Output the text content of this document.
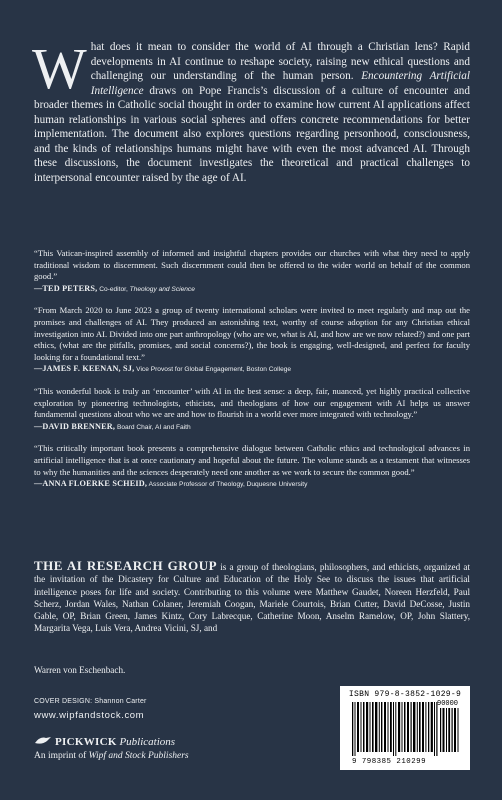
W hat does it mean to consider the world of AI through a Christian lens? Rapid developments in AI continue to reshape society, raising new ethical questions and challenging our understanding of the human person. Encountering Artificial Intelligence draws on Pope Francis’s discussion of a culture of encounter and broader themes in Catholic social thought in order to examine how current AI applications affect human relationships in various social spheres and offers concrete recommendations for better implementation. The document also explores questions regarding personhood, consciousness, and the kinds of relationships humans might have with even the most advanced AI. Through these discussions, the document investigates the theoretical and practical challenges to interpersonal encounter raised by the age of AI.
“This Vatican-inspired assembly of informed and insightful chapters provides our churches with what they need to apply traditional wisdom to discernment. Such discernment could then be offered to the wider world on behalf of the common good.”
—TED PETERS, Co-editor, Theology and Science
“From March 2020 to June 2023 a group of twenty international scholars were invited to meet regularly and map out the promises and challenges of AI. They produced an astonishing text, worthy of course adoption for any Christian ethical investigation into AI. Divided into one part anthropology (who are we, what is AI, and how are we now related?) and one part ethics, (what are the pitfalls, promises, and social concerns?), the book is engaging, well-designed, and perfect for faculty looking for a foundational text.”
—JAMES F. KEENAN, SJ, Vice Provost for Global Engagement, Boston College
“This wonderful book is truly an ‘encounter’ with AI in the best sense: a deep, fair, nuanced, yet highly practical collective exploration by pioneering technologists, ethicists, and theologians of how our engagement with AI helps us answer fundamental questions about who we are and how to flourish in a world ever more integrated with technology.”
—DAVID BRENNER, Board Chair, AI and Faith
“This critically important book presents a comprehensive dialogue between Catholic ethics and technological advances in artificial intelligence that is at once cautionary and hopeful about the future. The volume stands as a testament that witnesses to why the humanities and the sciences desperately need one another as we work to secure the common good.”
—ANNA FLOERKE SCHEID, Associate Professor of Theology, Duquesne University
THE AI RESEARCH GROUP is a group of theologians, philosophers, and ethicists, organized at the invitation of the Dicastery for Culture and Education of the Holy See to discuss the issues that artificial intelligence poses for life and society. Contributing to this volume were Matthew Gaudet, Noreen Herzfeld, Paul Scherz, Jordan Wales, Nathan Colaner, Jeremiah Coogan, Mariele Courtois, Brian Cutter, David DeCosse, Justin Gable, OP, Brian Green, James Kintz, Cory Labrecque, Catherine Moon, Anselm Ramelow, OP, John Slattery, Margarita Vega, Luis Vera, Andrea Vicini, SJ, and
Warren von Eschenbach.
COVER DESIGN: Shannon Carter
www.wipfandstock.com
PICKWICK Publications
An imprint of Wipf and Stock Publishers
ISBN 979-8-3852-1029-9
90000
9 798385 210299
